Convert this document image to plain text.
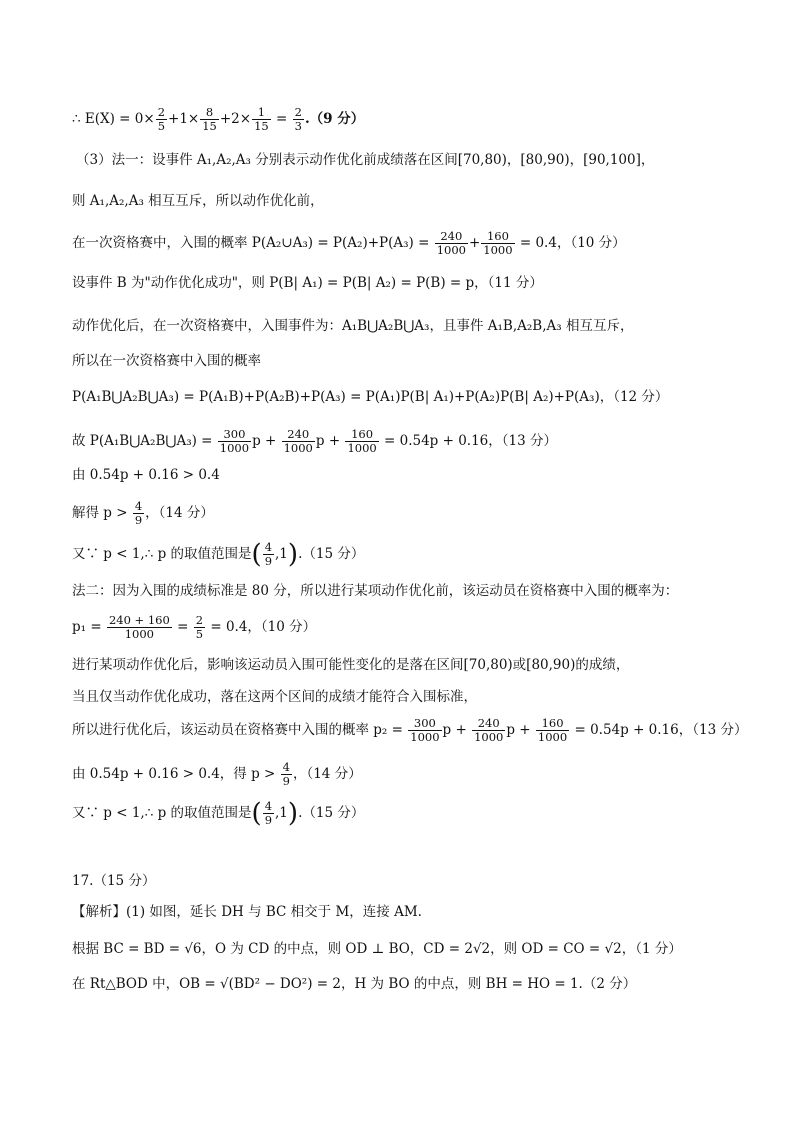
∴ $E(X) = 0\times \frac{2}{5} +1\times \frac{8}{15} +2\times \frac{1}{15} = \frac{2}{3} .(9$ 分）
（3）法一：设事件 A₁,A₂,A₃ 分别表示动作优化前成绩落在区间[70,80)，[80,90)，[90,100]，
则 A₁,A₂,A₃ 相互互斥，所以动作优化前，
在一次资格赛中，入围的概率 P(A₂∪A₃) = $P(A_2)+P(A_3) = \frac{240}{1000} + \frac{160}{1000} = 0.4$，（10 分）
设事件 B 为"动作优化成功"，则 P(B| A₁) = P(B| A₂) = P(B) = p，（11 分）
动作优化后，在一次资格赛中，入围事件为：A₁B⋃A₂B⋃A₃，且事件 A₁B,A₂B,A₃ 相互互斥，
所以在一次资格赛中入围的概率
P(A₁B⋃A₂B⋃A₃) = P(A₁B)+P(A₂B)+P(A₃) = P(A₁)P(B| A₁)+P(A₂)P(B| A₂)+P(A₃)，（12 分）
故 P(A₁B⋃A₂B⋃A₃) = $\frac{300}{1000}$ $p + \frac{240}{1000}$ $p + \frac{160}{1000} = 0.54p + 0.16$，（13 分）
由 0.54p + 0.16 > 0.4
解得 $p > \frac{4}{9}$ ，（14 分）
又∵ p < 1,∴ p 的取值范围是( $\frac{4}{9} ,1).(15$ 分）
法二：因为入围的成绩标准是 80 分，所以进行某项动作优化前，该运动员在资格赛中入围的概率为：
$p_1 = \frac{240 + 160}{1000} = \frac{2}{5} = 0.4$，（10 分）
进行某项动作优化后，影响该运动员入围可能性变化的是落在区间[70,80)或[80,90)的成绩，
当且仅当动作优化成功，落在这两个区间的成绩才能符合入围标准，
所以进行优化后，该运动员在资格赛中入围的概率 $p_2 = \frac{300}{1000}$ $p + \frac{240}{1000}$ $p + \frac{160}{1000} = 0.54p + 0.16$，（13 分）
由 0.54p + 0.16 > 0.4，得 $p > \frac{4}{9}$ ，（14 分）
又∵ p < 1,∴ p 的取值范围是( $\frac{4}{9} ,1).(15$ 分）
17.（15 分）
【解析】(1) 如图，延长 DH 与 BC 相交于 M，连接 AM.
根据 BC = BD = √6，O 为 CD 的中点，则 OD ⊥ BO，CD = 2√2，则 OD = CO = √2，（1 分）
在 Rt△BOD 中，OB = √(BD² − DO²) = 2，H 为 BO 的中点，则 BH = HO = 1.（2 分）
